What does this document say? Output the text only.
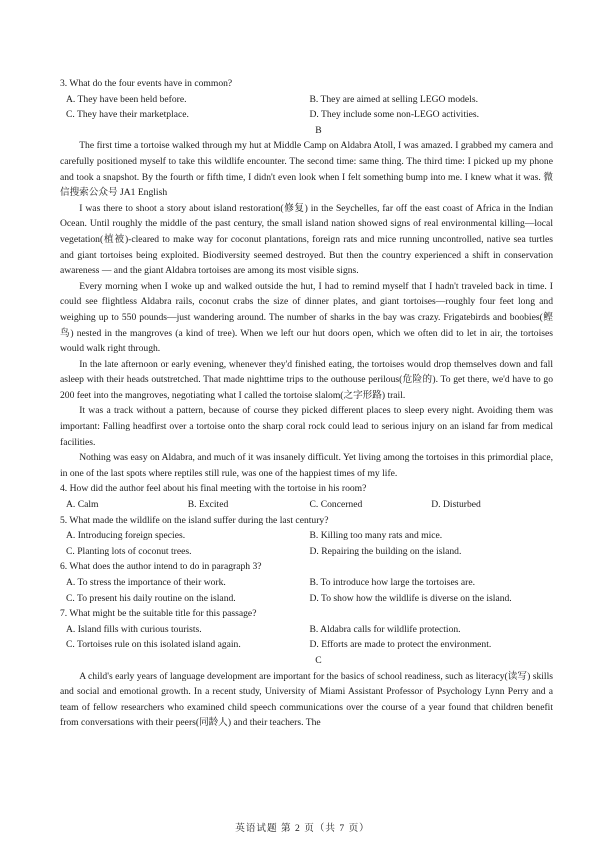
3. What do the four events have in common?
A. They have been held before.	B. They are aimed at selling LEGO models.
C. They have their marketplace.	D. They include some non-LEGO activities.
B

The first time a tortoise walked through my hut at Middle Camp on Aldabra Atoll, I was amazed. I grabbed my camera and carefully positioned myself to take this wildlife encounter. The second time: same thing. The third time: I picked up my phone and took a snapshot. By the fourth or fifth time, I didn't even look when I felt something bump into me. I knew what it was. 微信搜索公众号 JA1 English

I was there to shoot a story about island restoration(修复) in the Seychelles, far off the east coast of Africa in the Indian Ocean. Until roughly the middle of the past century, the small island nation showed signs of real environmental killing—local vegetation(植被)-cleared to make way for coconut plantations, foreign rats and mice running uncontrolled, native sea turtles and giant tortoises being exploited. Biodiversity seemed destroyed. But then the country experienced a shift in conservation awareness — and the giant Aldabra tortoises are among its most visible signs.

Every morning when I woke up and walked outside the hut, I had to remind myself that I hadn't traveled back in time. I could see flightless Aldabra rails, coconut crabs the size of dinner plates, and giant tortoises—roughly four feet long and weighing up to 550 pounds—just wandering around. The number of sharks in the bay was crazy. Frigatebirds and boobies(鲣鸟) nested in the mangroves (a kind of tree). When we left our hut doors open, which we often did to let in air, the tortoises would walk right through.

In the late afternoon or early evening, whenever they'd finished eating, the tortoises would drop themselves down and fall asleep with their heads outstretched. That made nighttime trips to the outhouse perilous(危险的). To get there, we'd have to go 200 feet into the mangroves, negotiating what I called the tortoise slalom(之字形路) trail.

It was a track without a pattern, because of course they picked different places to sleep every night. Avoiding them was important: Falling headfirst over a tortoise onto the sharp coral rock could lead to serious injury on an island far from medical facilities.

Nothing was easy on Aldabra, and much of it was insanely difficult. Yet living among the tortoises in this primordial place, in one of the last spots where reptiles still rule, was one of the happiest times of my life.

4. How did the author feel about his final meeting with the tortoise in his room?
A. Calm	B. Excited	C. Concerned	D. Disturbed
5. What made the wildlife on the island suffer during the last century?
A. Introducing foreign species.	B. Killing too many rats and mice.
C. Planting lots of coconut trees.	D. Repairing the building on the island.
6. What does the author intend to do in paragraph 3?
A. To stress the importance of their work.	B. To introduce how large the tortoises are.
C. To present his daily routine on the island.	D. To show how the wildlife is diverse on the island.
7. What might be the suitable title for this passage?
A. Island fills with curious tourists.	B. Aldabra calls for wildlife protection.
C. Tortoises rule on this isolated island again.	D. Efforts are made to protect the environment.
C

A child's early years of language development are important for the basics of school readiness, such as literacy(读写) skills and social and emotional growth. In a recent study, University of Miami Assistant Professor of Psychology Lynn Perry and a team of fellow researchers who examined child speech communications over the course of a year found that children benefit from conversations with their peers(同龄人) and their teachers. The

英语试题 第 2 页（共 7 页）
